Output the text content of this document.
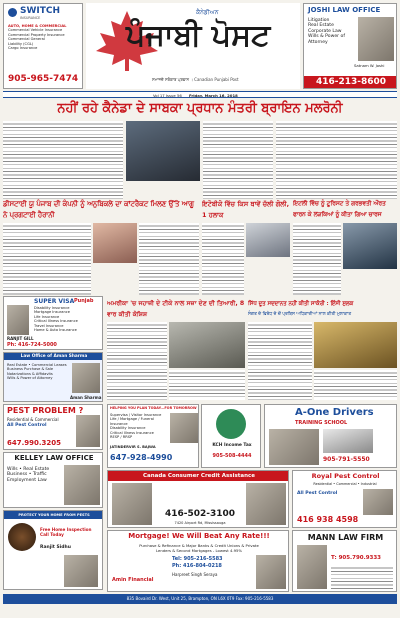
SWITCH
INSURANCE
AUTO, HOME & COMMERCIAL
Commercial Vehicle Insurance
Commercial Property Insurance
Commercial General
Liability (CGL)
Cargo Insurance
905-965-7474
ਕੈਨੇਡੀਅਨ
ਪੰਜਾਬੀ ਪੋਸਟ
ਸਮਾਜਦੇ ਸਰੋਕਾਰ ਪ੍ਰਵਾਨ । Canadian Punjabi Post
JOSHI LAW OFFICE
Litigation
Real Estate
Corporate Law
Wills & Power of Attorney
Satnam W. Joshi
416-213-8600
Vol 17 Issue 56 Friday, March 16, 2018
ਨਹੀਂ ਰਹੇ ਕੈਨੇਡਾ ਦੇ ਸਾਬਕਾ ਪ੍ਰਧਾਨ ਮੰਤਰੀ ਬ੍ਰਾਇਨ ਮਲਰੋਨੀ
ਡੀਸਟਾਈ ਯੂ ਪੰਜਾਬ ਦੀ ਕੰਪਨੀ ਨੂੰ ਅਨੁਬਿਕਲੇ ਦਾ ਕਾਂਟਰੈਕਟ ਮਿਲਣ ਉੱਤੇ ਆਗੂ ਨੇ ਪ੍ਰਗਟਾਈ ਹੈਰਾਨੀ
ਇਟੋਬੀਕੋ ਵਿੱਚ ਕਿਸ ਥਾਵੇਂ ਚੱਲੀ ਗੋਲੀ, 1 ਹਲਾਕ
ਇਟਲੀ ਵਿੱਚ ਨੂੰ ਟੂਰਿਸਟ ਤੇ ਗਰਭਵਤੀ ਔਰਤ ਫਾਰਨ ਕੇ ਲੜਕਿਆਂ ਨੂੰ ਕੀਤਾ ਗਿਆ ਚਾਰਜ
SUPER VISA Punjab
Disability Insurance
Mortgage Insurance
Life Insurance
Critical Illness Insurance
Travel Insurance
Home & Auto Insurance
RANJIT GILL
Ph: 416-724-5000
Law Office of Aman Sharma
Real Estate • Commercial Leases
Business Purchase & Sale
Notarizations & Affidavits
Wills & Power of Attorney
Aman Sharma
PEST PROBLEM ?
Residential & Commercial
All Pest Control
647.990.3205
KELLEY LAW OFFICE
Wills • Real Estate
Business • Traffic
Employment Law
PROTECT YOUR HOME FROM PESTS
Free Home Inspection Call Today
Ranjit Sidhu
ਅਮਰੀਕਾ 'ਚ ਜਹਾਜ਼ੀ ਦੇ ਟੀਕੇ ਨਾਲ ਸਜ਼ਾ ਦੇਣ ਦੀ ਤਿਆਰੀ, 8 ਵਾਰ ਕੀਤੀ ਕੋਸ਼ਿਸ਼
ਸਿੱਧ ਦੂਤ ਸਦਦਾਨਤ ਨਹੀਂ ਕੀਤੀ ਸਾਕੋਰੀ : ਇੰਸੀ ਸੁਲਕ
ਸੰਗਤ ਦੇ ਵਿਰੋਧ ਦੇ ਚੋਂ ਪ੍ਰਬਿਸ ਅਧਿਕਾਰੀਆਂ ਨਾਲ ਕੀਤੀ ਮੁਲਾਕਾਤ
HELPING YOU PLAN TODAY...FOR TOMORROW
Supervisa / Visitor Insurance
Life / Mortgage / Funeral Insurance
Disability Insurance
Critical Illness Insurance
RESP / RRSP
JATINDERVIR S. BAJWA
647-928-4990
KCH Income Tax
905-508-4444
A-One Drivers
TRAINING SCHOOL
905-791-5550
Canada Consumer Credit Assistance
416-502-3100
7420 Airport Rd, Mississauga
Royal Pest Control
Residential • Commercial • Industrial
All Pest Control
416 938 4598
Mortgage! We Will Beat Any Rate!!!
Purchase & Refinance & Major Banks & Credit Unions & Private
Lenders & Second Mortgages - Lowest 4.95%
Tel: 905-216-5583
Ph: 416-804-0218
Harpreet Singh Seraya
Amin Financial
MANN LAW FIRM
T: 905.790.9333
835 Bovaird Dr. West, Unit 25, Brampton, ON L6X 0T9 Fax: 905-216-5583
